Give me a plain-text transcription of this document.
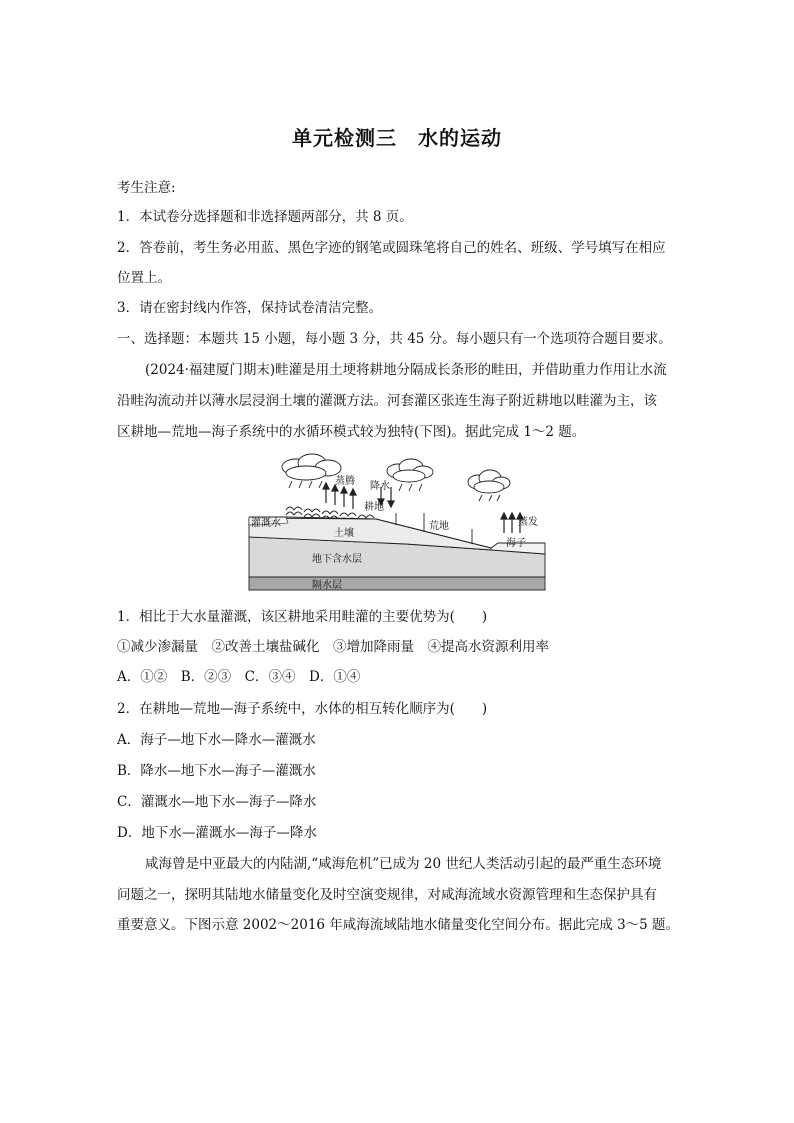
单元检测三　水的运动
考生注意:
1．本试卷分选择题和非选择题两部分，共 8 页。
2．答卷前，考生务必用蓝、黑色字迹的钢笔或圆珠笔将自己的姓名、班级、学号填写在相应
位置上。
3．请在密封线内作答，保持试卷清洁完整。
一、选择题：本题共 15 小题，每小题 3 分，共 45 分。每小题只有一个选项符合题目要求。
(2024·福建厦门期末)畦灌是用土埂将耕地分隔成长条形的畦田，并借助重力作用让水流
沿畦沟流动并以薄水层浸润土壤的灌溉方法。河套灌区张连生海子附近耕地以畦灌为主，该
区耕地—荒地—海子系统中的水循环模式较为独特(下图)。据此完成 1～2 题。
蒸腾 降水
耕地
荒地	蒸发
灌溉水
土壤
海子
地下含水层
隔水层
1．相比于大水量灌溉，该区耕地采用畦灌的主要优势为(　　)
①减少渗漏量　②改善土壤盐碱化　③增加降雨量　④提高水资源利用率
A．①②　B．②③　C．③④　D．①④
2．在耕地—荒地—海子系统中，水体的相互转化顺序为(　　)
A．海子—地下水—降水—灌溉水
B．降水—地下水—海子—灌溉水
C．灌溉水—地下水—海子—降水
D．地下水—灌溉水—海子—降水
咸海曾是中亚最大的内陆湖,“咸海危机”已成为 20 世纪人类活动引起的最严重生态环境
问题之一，探明其陆地水储量变化及时空演变规律，对咸海流域水资源管理和生态保护具有
重要意义。下图示意 2002～2016 年咸海流域陆地水储量变化空间分布。据此完成 3～5 题。
